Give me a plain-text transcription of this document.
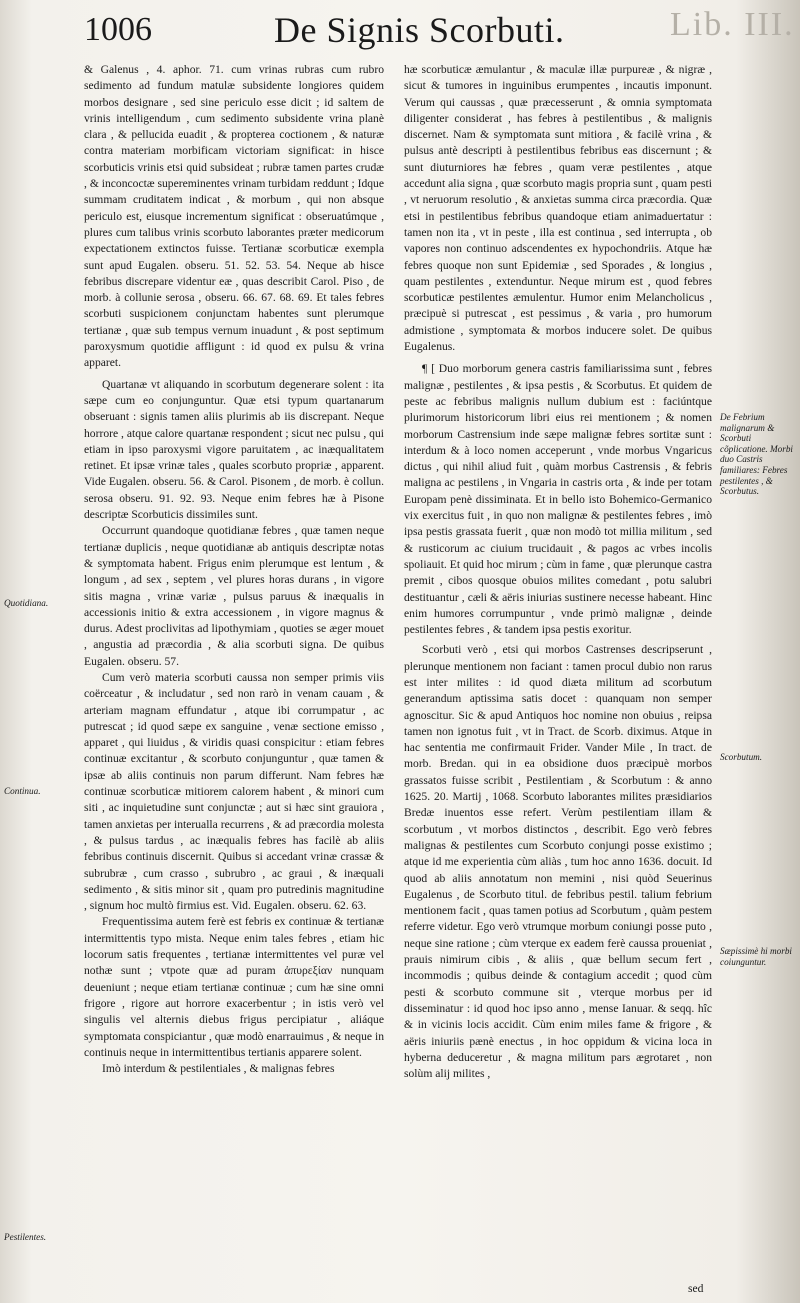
Lib. III.
1006	De Signis Scorbuti.

& Galenus , 4. aphor. 71. cum vrinas rubras cum rubro sedimento ad fundum matulæ subsidente longiores quidem morbos designare , sed sine periculo esse dicit ; id saltem de vrinis intelligendum , cum sedimento subsidente vrina planè clara , & pellucida euadit , & propterea coctionem , & naturæ contra materiam morbificam victoriam significat: in hisce scorbuticis vrinis etsi quid subsideat ; rubræ tamen partes crudæ , & inconcoctæ supereminentes vrinam turbidam reddunt ; Idque summam cruditatem indicat , & morbum , qui non absque periculo est, eiusque incrementum significat : obseruatúmque , plures cum talibus vrinis scorbuto laborantes præter medicorum expectationem extinctos fuisse. Tertianæ scorbuticæ exempla sunt apud Eugalen. obseru. 51. 52. 53. 54. Neque ab hisce febribus discrepare videntur eæ , quas describit Carol. Piso , de morb. à collunie serosa , obseru. 66. 67. 68. 69. Et tales febres scorbuti suspicionem conjunctam habentes sunt plerumque tertianæ , quæ sub tempus vernum inuadunt , & post septimum paroxysmum quotidie affligunt : id quod ex pulsu & vrina apparet.

Quartanæ vt aliquando in scorbutum degenerare solent : ita sæpe cum eo conjunguntur. Quæ etsi typum quartanarum obseruant : signis tamen aliis plurimis ab iis discrepant. Neque horrore , atque calore quartanæ respondent ; sicut nec pulsu , qui etiam in ipso paroxysmi vigore paruitatem , ac inæqualitatem retinet. Et ipsæ vrinæ tales , quales scorbuto propriæ , apparent. Vide Eugalen. obseru. 56. & Carol. Pisonem , de morb. è collun. serosa obseru. 91. 92. 93. Neque enim febres hæ à Pisone descriptæ Scorbuticis dissimiles sunt.

Occurrunt quandoque quotidianæ febres , quæ tamen neque tertianæ duplicis , neque quotidianæ ab antiquis descriptæ notas & symptomata habent. Frigus enim plerumque est lentum , & longum , ad sex , septem , vel plures horas durans , in vigore sitis magna , vrinæ variæ , pulsus paruus & inæqualis in accessionis initio & extra accessionem , in vigore magnus & durus. Adest proclivitas ad lipothymiam , quoties se æger mouet , angustia ad præcordia , & alia scorbuti signa. De quibus Eugalen. obseru. 57.

Cum verò materia scorbuti caussa non semper primis viis coërceatur , & includatur , sed non rarò in venam cauam , & arteriam magnam effundatur , atque ibi corrumpatur , ac putrescat ; id quod sæpe ex sanguine , venæ sectione emisso , apparet , qui liuidus , & viridis quasi conspicitur : etiam febres continuæ excitantur , & scorbuto conjunguntur , quæ tamen & ipsæ ab aliis continuis non parum differunt. Nam febres hæ continuæ scorbuticæ mitiorem calorem habent , & minori cum siti , ac inquietudine sunt conjunctæ ; aut si hæc sint grauiora , tamen anxietas per interualla recurrens , & ad præcordia molesta , & pulsus tardus , ac inæqualis febres has facilè ab aliis febribus continuis discernit. Quibus si accedant vrinæ crassæ & subrubræ , cum crasso , subrubro , ac graui , & inæquali sedimento , & sitis minor sit , quam pro putredinis magnitudine , signum hoc multò firmius est. Vid. Eugalen. obseru. 62. 63.

Frequentissima autem ferè est febris ex continuæ & tertianæ intermittentis typo mista. Neque enim tales febres , etiam hic locorum satis frequentes , tertianæ intermittentes vel puræ vel nothæ sunt ; vtpote quæ ad puram ἀπυρεξίαν nunquam deueniunt ; neque etiam tertianæ continuæ ; cum hæ sine omni frigore , rigore aut horrore exacerbentur ; in istis verò vel singulis vel alternis diebus frigus percipiatur , aliáque symptomata conspiciantur , quæ modò enarrauimus , & neque in continuis neque in intermittentibus tertianis apparere solent.

Imò interdum & pestilentiales , & malignas febres

hæ scorbuticæ æmulantur , & maculæ illæ purpureæ , & nigræ , sicut & tumores in inguinibus erumpentes , incautis imponunt. Verum qui caussas , quæ præcesserunt , & omnia symptomata diligenter considerat , has febres à pestilentibus , & malignis discernet. Nam & symptomata sunt mitiora , & facilè vrina , & pulsus antè descripti à pestilentibus febribus eas discernunt ; & sunt diuturniores hæ febres , quam veræ pestilentes , atque accedunt alia signa , quæ scorbuto magis propria sunt , quam pesti , vt neruorum resolutio , & anxietas summa circa præcordia. Quæ etsi in pestilentibus febribus quandoque etiam animaduertatur : tamen non ita , vt in peste , illa est continua , sed interrupta , ob vapores non continuo adscendentes ex hypochondriis. Atque hæ febres quoque non sunt Epidemiæ , sed Sporades , & longius , quam pestilentes , extenduntur. Neque mirum est , quod febres scorbuticæ pestilentes æmulentur. Humor enim Melancholicus , præcipuè si putrescat , est pessimus , & varia , pro humorum admistione , symptomata & morbos inducere solet. De quibus Eugalenus.

¶ [ Duo morborum genera castris familiarissima sunt , febres malignæ , pestilentes , & ipsa pestis , & Scorbutus. Et quidem de peste ac febribus malignis nullum dubium est : faciúntque plurimorum historicorum libri eius rei mentionem ; & nomen morborum Castrensium inde sæpe malignæ febres sortitæ sunt : interdum & à loco nomen acceperunt , vnde morbus Vngaricus dictus , qui nihil aliud fuit , quàm morbus Castrensis , & febris maligna ac pestilens , in Vngaria in castris orta , & inde per totam Europam penè dissiminata. Et in bello isto Bohemico-Germanico vix exercitus fuit , in quo non malignæ & pestilentes febres , imò ipsa pestis grassata fuerit , quæ non modò tot millia militum , sed & rusticorum ac ciuium trucidauit , & pagos ac vrbes incolis spoliauit. Et quid hoc mirum ; cùm in fame , quæ plerunque castra premit , cibos quosque obuios milites comedant , potu salubri destituantur , cæli & aëris iniurias sustinere necesse habeant. Hinc enim humores corrumpuntur , vnde primò malignæ , deinde pestilentes febres , & tandem ipsa pestis exoritur.

Scorbuti verò , etsi qui morbos Castrenses descripserunt , plerunque mentionem non faciant : tamen procul dubio non rarus est inter milites : id quod diæta militum ad scorbutum generandum aptissima satis docet : quanquam non semper agnoscitur. Sic & apud Antiquos hoc nomine non obuius , reipsa tamen non ignotus fuit , vt in Tract. de Scorb. diximus. Atque in hac sententia me confirmauit Frider. Vander Mile , In tract. de morb. Bredan. qui in ea obsidione duos præcipuè morbos grassatos fuisse scribit , Pestilentiam , & Scorbutum : & anno 1625. 20. Martij , 1068. Scorbuto laborantes milites præsidiarios Bredæ inuentos esse refert. Verùm pestilentiam illam & scorbutum , vt morbos distinctos , describit. Ego verò febres malignas & pestilentes cum Scorbuto conjungi posse existimo ; atque id me experientia cùm aliàs , tum hoc anno 1636. docuit. Id quod ab aliis annotatum non memini , nisi quòd Seuerinus Eugalenus , de Scorbuto titul. de febribus pestil. talium febrium mentionem facit , quas tamen potius ad Scorbutum , quàm pestem referre videtur. Ego verò vtrumque morbum coniungi posse puto , neque sine ratione ; cùm vterque ex eadem ferè caussa proueniat , prauis nimirum cibis , & aliis , quæ bellum secum fert , incommodis ; quibus deinde & contagium accedit ; quod cùm pesti & scorbuto commune sit , vterque morbus per id disseminatur : id quod hoc ipso anno , mense Ianuar. & seqq. hîc & in vicinis locis accidit. Cùm enim miles fame & frigore , & aëris iniuriis pænè enectus , in hoc oppidum & vicina loca in hyberna deduceretur , & magna militum pars ægrotaret , non solùm alij milites ,

Quotidiana.
Continua.
Pestilentes.
De Febrium malignarum & Scorbuti cõplicatione. Morbi duo Castris familiares: Febres pestilentes , & Scorbutus.
Scorbutum.
Sæpissimè hi morbi coiunguntur.
sed
